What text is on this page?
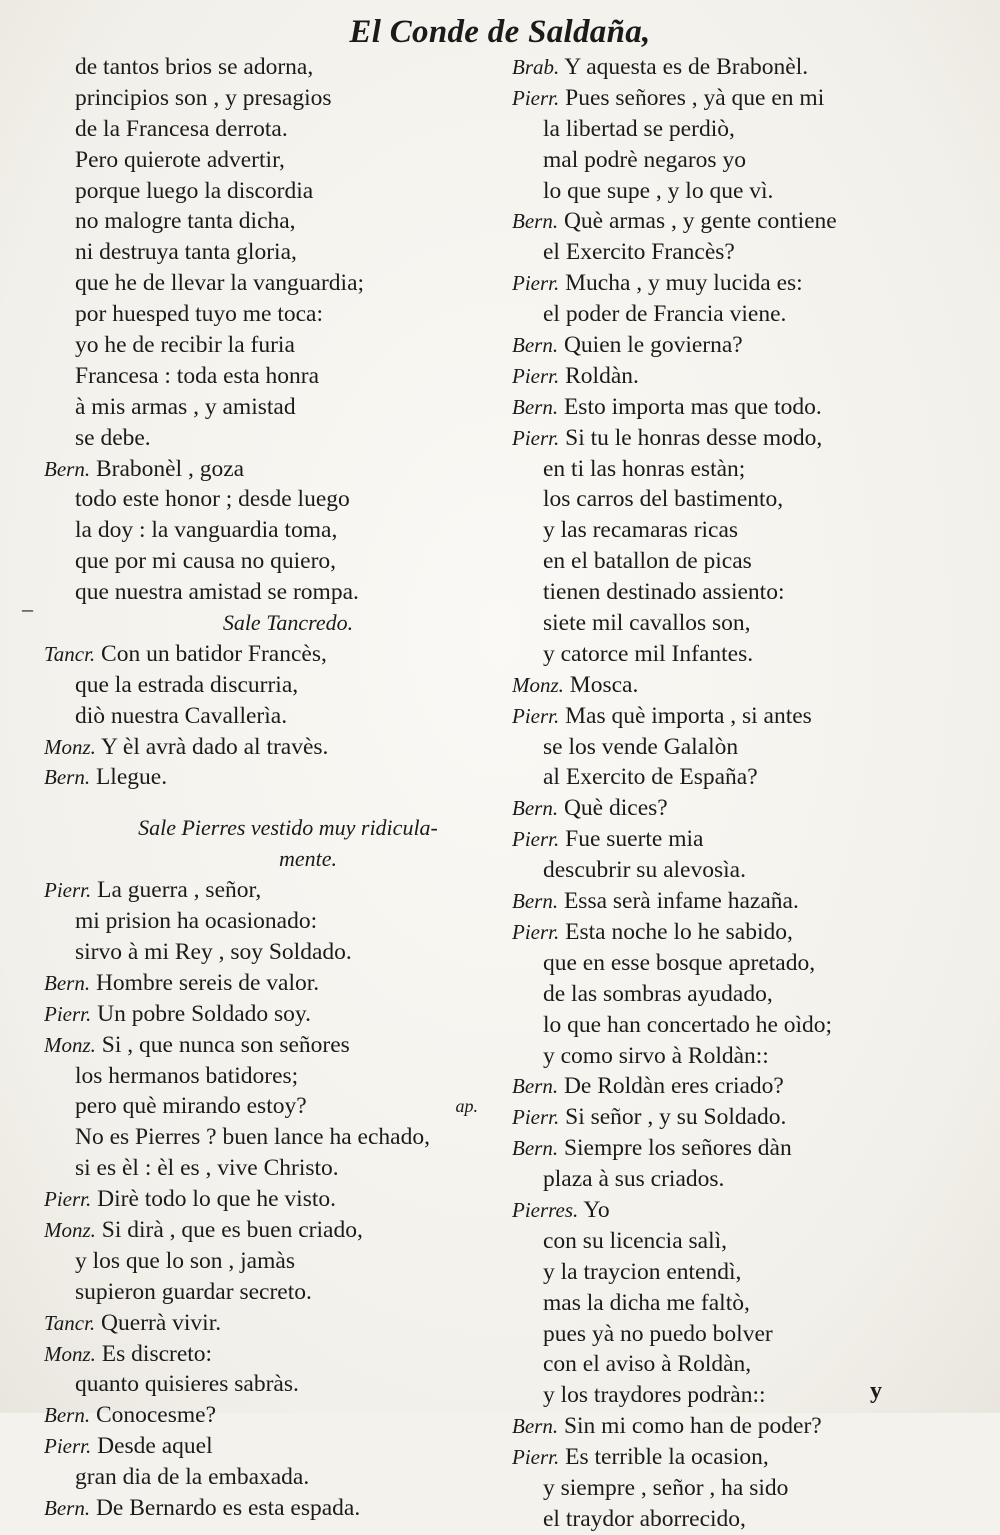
El Conde de Saldaña,
de tantos brios se adorna,
principios son , y presagios
de la Francesa derrota.
Pero quierote advertir,
porque luego la discordia
no malogre tanta dicha,
ni destruya tanta gloria,
que he de llevar la vanguardia;
por huesped tuyo me toca:
yo he de recibir la furia
Francesa : toda esta honra
à mis armas , y amistad
se debe.
Bern. Brabonèl , goza
todo este honor ; desde luego
la doy : la vanguardia toma,
que por mi causa no quiero,
que nuestra amistad se rompa.
Sale Tancredo.
Tancr. Con un batidor Francès,
que la estrada discurria,
diò nuestra Cavallerìa.
Monz. Y èl avrà dado al travès.
Bern. Llegue.
Sale Pierres vestido muy ridicula-
mente.
Pierr. La guerra , señor,
mi prision ha ocasionado:
sirvo à mi Rey , soy Soldado.
Bern. Hombre sereis de valor.
Pierr. Un pobre Soldado soy.
Monz. Si , que nunca son señores
los hermanos batidores;
pero què mirando estoy?	ap.
No es Pierres ? buen lance ha echado,
si es èl : èl es , vive Christo.
Pierr. Dirè todo lo que he visto.
Monz. Si dirà , que es buen criado,
y los que lo son , jamàs
supieron guardar secreto.
Tancr. Querrà vivir.
Monz. Es discreto:
quanto quisieres sabràs.
Bern. Conocesme?
Pierr. Desde aquel
gran dia de la embaxada.
Bern. De Bernardo es esta espada.
Brab. Y aquesta es de Brabonèl.
Pierr. Pues señores , yà que en mi
la libertad se perdiò,
mal podrè negaros yo
lo que supe , y lo que vì.
Bern. Què armas , y gente contiene
el Exercito Francès?
Pierr. Mucha , y muy lucida es:
el poder de Francia viene.
Bern. Quien le govierna?
Pierr. Roldàn.
Bern. Esto importa mas que todo.
Pierr. Si tu le honras desse modo,
en ti las honras estàn;
los carros del bastimento,
y las recamaras ricas
en el batallon de picas
tienen destinado assiento:
siete mil cavallos son,
y catorce mil Infantes.
Monz. Mosca.
Pierr. Mas què importa , si antes
se los vende Galalòn
al Exercito de España?
Bern. Què dices?
Pierr. Fue suerte mia
descubrir su alevosìa.
Bern. Essa serà infame hazaña.
Pierr. Esta noche lo he sabido,
que en esse bosque apretado,
de las sombras ayudado,
lo que han concertado he oìdo;
y como sirvo à Roldàn::
Bern. De Roldàn eres criado?
Pierr. Si señor , y su Soldado.
Bern. Siempre los señores dàn
plaza à sus criados.
Pierres. Yo
con su licencia salì,
y la traycion entendì,
mas la dicha me faltò,
pues yà no puedo bolver
con el aviso à Roldàn,
y los traydores podràn::
Bern. Sin mi como han de poder?
Pierr. Es terrible la ocasion,
y siempre , señor , ha sido
el traydor aborrecido,
–
y
